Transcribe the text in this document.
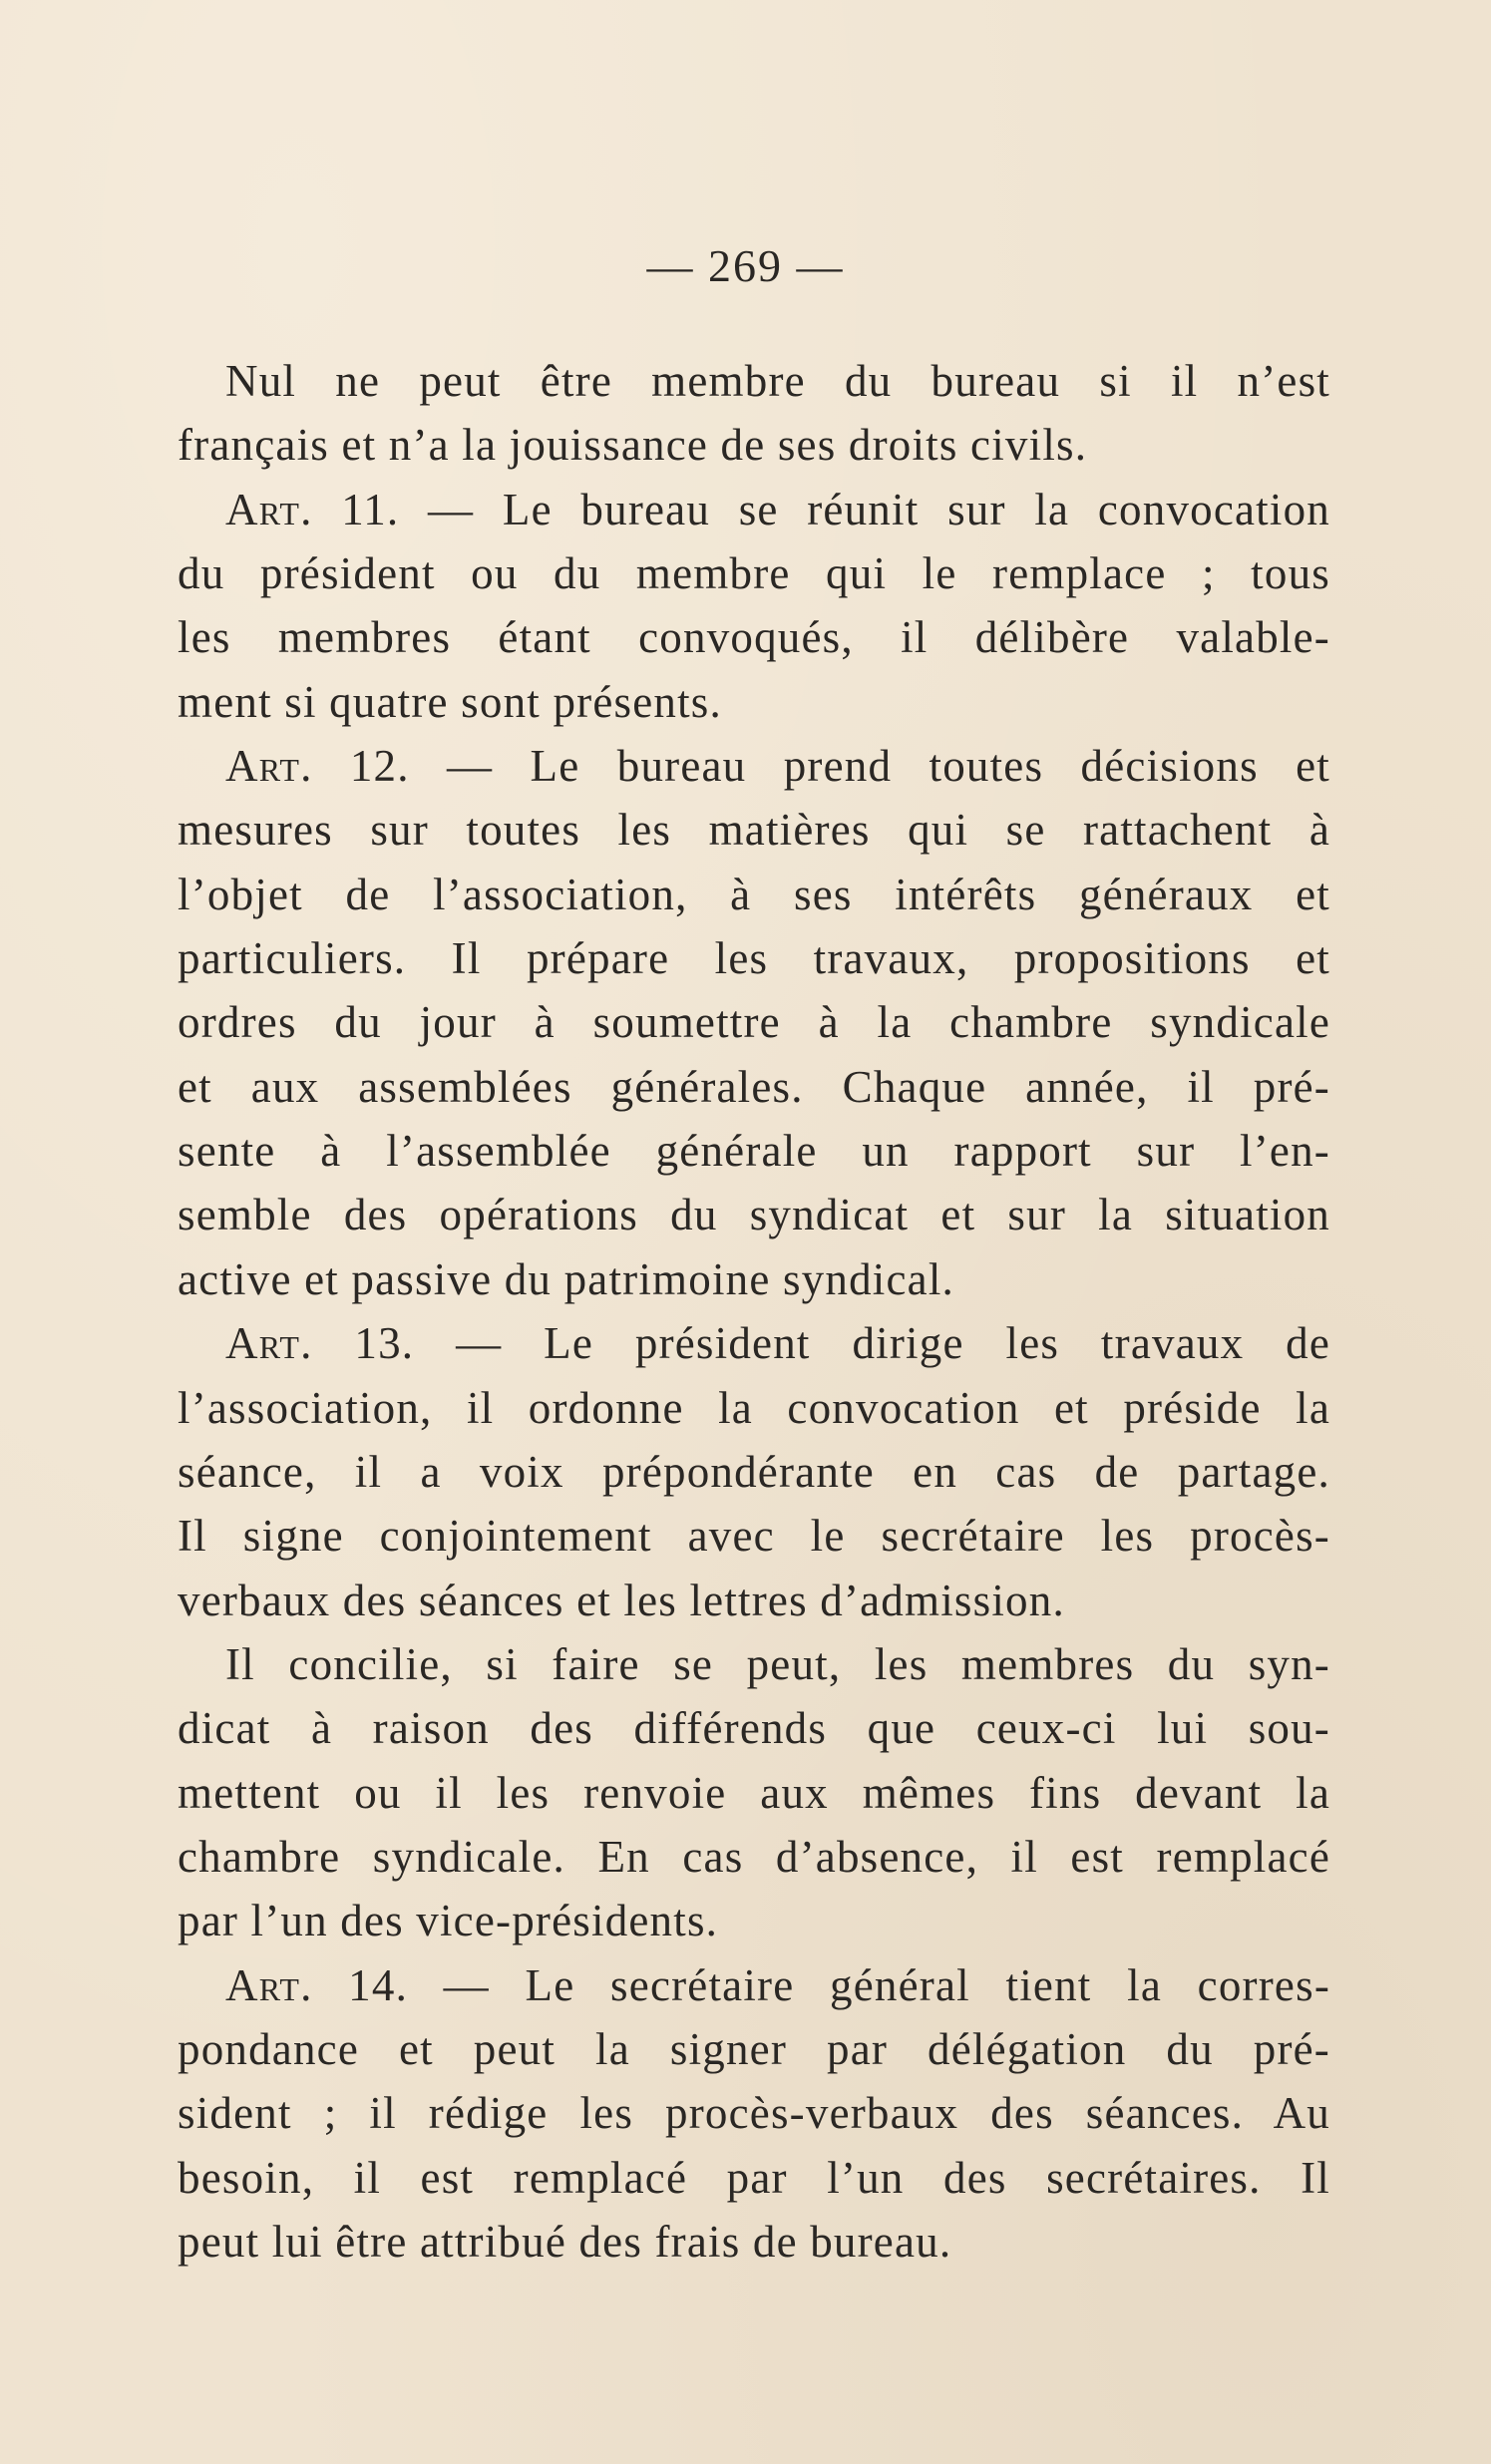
— 269 —

Nul ne peut être membre du bureau si il n’est
français et n’a la jouissance de ses droits civils.
Art. 11. — Le bureau se réunit sur la convocation
du président ou du membre qui le remplace ; tous
les membres étant convoqués, il délibère valable-
ment si quatre sont présents.
Art. 12. — Le bureau prend toutes décisions et
mesures sur toutes les matières qui se rattachent à
l’objet de l’association, à ses intérêts généraux et
particuliers. Il prépare les travaux, propositions et
ordres du jour à soumettre à la chambre syndicale
et aux assemblées générales. Chaque année, il pré-
sente à l’assemblée générale un rapport sur l’en-
semble des opérations du syndicat et sur la situation
active et passive du patrimoine syndical.
Art. 13. — Le président dirige les travaux de
l’association, il ordonne la convocation et préside la
séance, il a voix prépondérante en cas de partage.
Il signe conjointement avec le secrétaire les procès-
verbaux des séances et les lettres d’admission.
Il concilie, si faire se peut, les membres du syn-
dicat à raison des différends que ceux-ci lui sou-
mettent ou il les renvoie aux mêmes fins devant la
chambre syndicale. En cas d’absence, il est remplacé
par l’un des vice-présidents.
Art. 14. — Le secrétaire général tient la corres-
pondance et peut la signer par délégation du pré-
sident ; il rédige les procès-verbaux des séances. Au
besoin, il est remplacé par l’un des secrétaires. Il
peut lui être attribué des frais de bureau.
